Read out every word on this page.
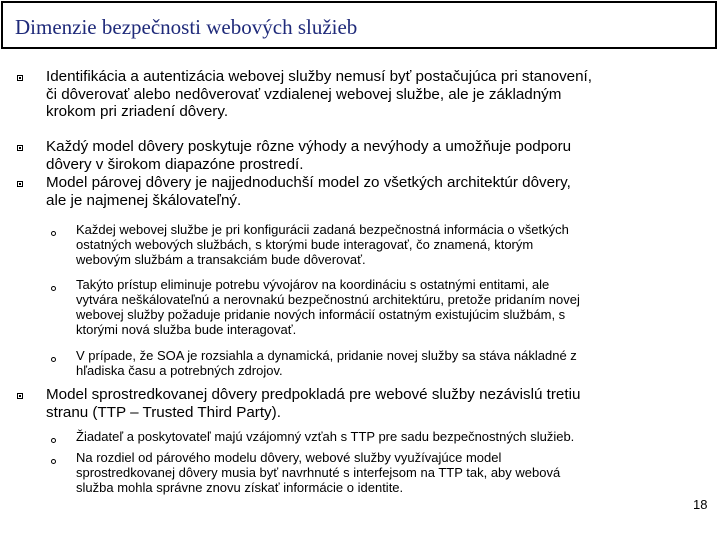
Dimenzie bezpečnosti webových služieb
Identifikácia a autentizácia webovej služby nemusí byť postačujúca pri stanovení,
či dôverovať alebo nedôverovať vzdialenej webovej službe, ale je základným
krokom pri zriadení dôvery.
Každý model dôvery poskytuje rôzne výhody a nevýhody a umožňuje podporu
dôvery v širokom diapazóne prostredí.
Model párovej dôvery je najjednoduchší model zo všetkých architektúr dôvery,
ale je najmenej škálovateľný.
Každej webovej službe je pri konfigurácii zadaná bezpečnostná informácia o všetkých
ostatných webových službách, s ktorými bude interagovať, čo znamená, ktorým
webovým službám a transakciám bude dôverovať.
Takýto prístup eliminuje potrebu vývojárov na koordináciu s ostatnými entitami, ale
vytvára neškálovateľnú a nerovnakú bezpečnostnú architektúru, pretože pridaním novej
webovej služby požaduje pridanie nových informácií ostatným existujúcim službám, s
ktorými nová služba bude interagovať.
V prípade, že SOA je rozsiahla a dynamická, pridanie novej služby sa stáva nákladné z
hľadiska času a potrebných zdrojov.
Model sprostredkovanej dôvery predpokladá pre webové služby nezávislú tretiu
stranu (TTP – Trusted Third Party).
Žiadateľ a poskytovateľ majú vzájomný vzťah s TTP pre sadu bezpečnostných služieb.
Na rozdiel od párového modelu dôvery, webové služby využívajúce model
sprostredkovanej dôvery musia byť navrhnuté s interfejsom na TTP tak, aby webová
služba mohla správne znovu získať informácie o identite.
18
